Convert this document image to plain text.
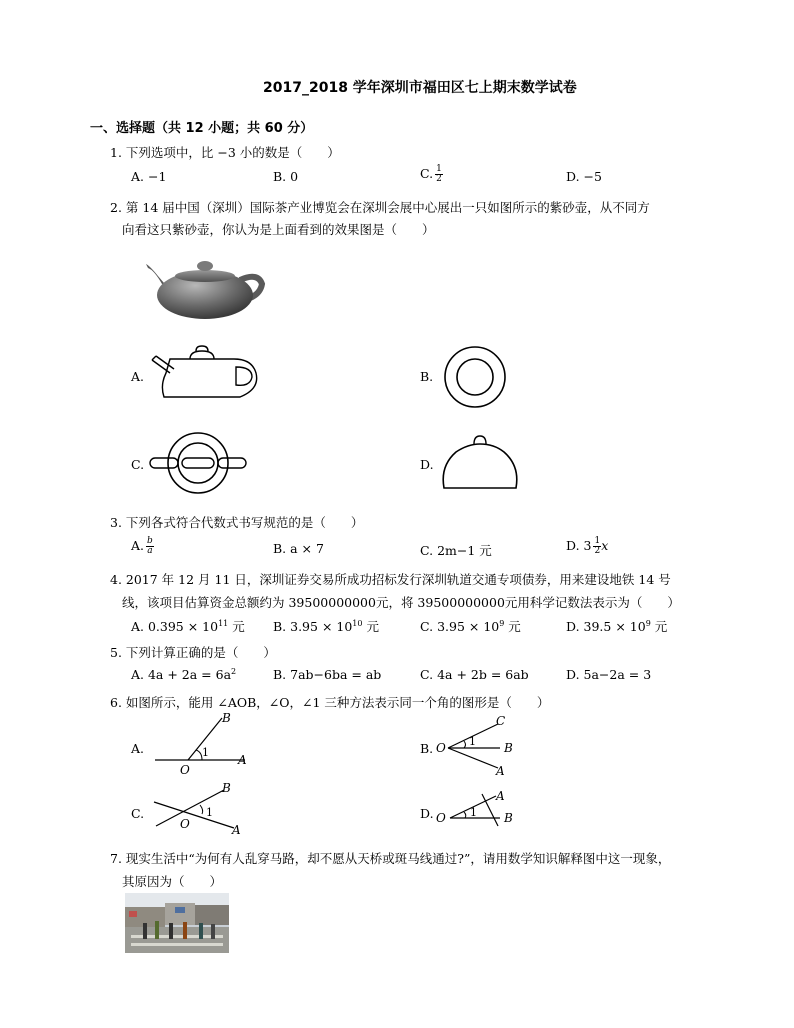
2017_2018 学年深圳市福田区七上期末数学试卷
一、选择题（共 12 小题；共 60 分）
1. 下列选项中，比 −3 小的数是（　　）
A. −1	B. 0	C. $\frac{1}{2}$	D. −5
2. 第 14 届中国（深圳）国际茶产业博览会在深圳会展中心展出一只如图所示的紫砂壶，从不同方
向看这只紫砂壶，你认为是上面看到的效果图是（　　）
A.	B.
C.	D.
3. 下列各式符合代数式书写规范的是（　　）
A. $\frac{b}{a}$	B. a × 7	C. 2m−1 元	D. $3 \frac{1}{2}$ x
4. 2017 年 12 月 11 日，深圳证券交易所成功招标发行深圳轨道交通专项债券，用来建设地铁 14 号
线，该项目估算资金总额约为 39500000000元，将 39500000000元用科学记数法表示为（　　）
A. $0.395 \times 10^{11}$ 元 B. $3.95 \times 10^{10}$ 元	C. $3.95 \times 10^9$ 元	D. $39.5 \times 10^9$ 元
5. 下列计算正确的是（　　）
A. $4a + 2a = 6a^2$	B. 7ab−6ba = ab	C. 4a + 2b = 6ab	D. 5a−2a = 3
6. 如图所示，能用 ∠AOB，∠O，∠1 三种方法表示同一个角的图形是（　　）
A.
B
A
O
1	B.
C
B
A
O 1
C.
B
A
O
1	D.
A
B
O 1
7. 现实生活中“为何有人乱穿马路，却不愿从天桥或斑马线通过?”，请用数学知识解释图中这一现象，
其原因为（　　）
